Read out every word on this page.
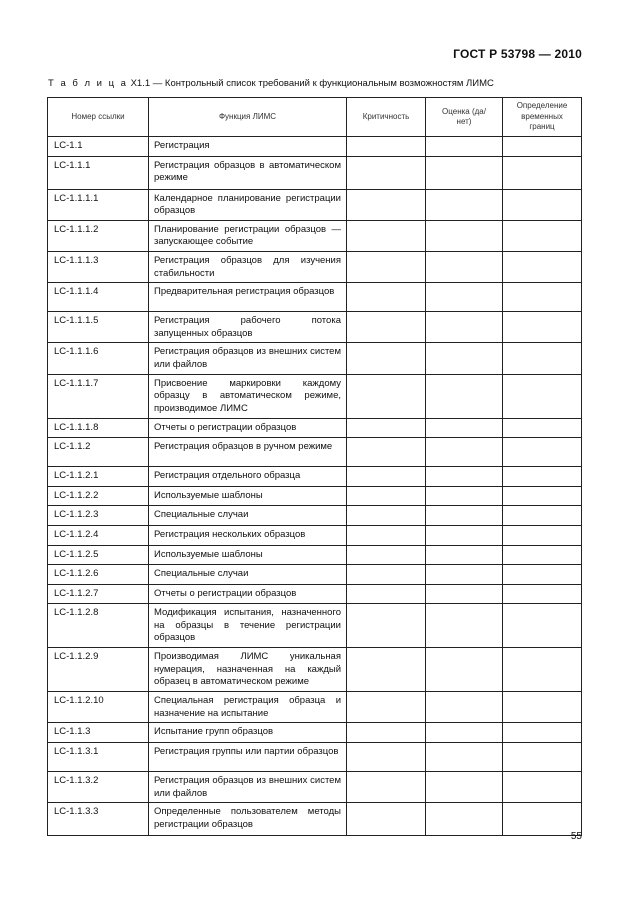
ГОСТ Р 53798 — 2010
Т а б л и ц а Х1.1 — Контрольный список требований к функциональным возможностям ЛИМС
Номер ссылки	Функция ЛИМС	Критичность	Оценка (да/нет)	Определение временных границ
LC-1.1	Регистрация			
LC-1.1.1	Регистрация образцов в автоматическом режиме			
LC-1.1.1.1	Календарное планирование регистрации образцов			
LC-1.1.1.2	Планирование регистрации образцов — запускающее событие			
LC-1.1.1.3	Регистрация образцов для изучения стабильности			
LC-1.1.1.4	Предварительная регистрация образцов			
LC-1.1.1.5	Регистрация рабочего потока запущенных образцов			
LC-1.1.1.6	Регистрация образцов из внешних систем или файлов			
LC-1.1.1.7	Присвоение маркировки каждому образцу в автоматическом режиме, производимое ЛИМС			
LC-1.1.1.8	Отчеты о регистрации образцов			
LC-1.1.2	Регистрация образцов в ручном режиме			
LC-1.1.2.1	Регистрация отдельного образца			
LC-1.1.2.2	Используемые шаблоны			
LC-1.1.2.3	Специальные случаи			
LC-1.1.2.4	Регистрация нескольких образцов			
LC-1.1.2.5	Используемые шаблоны			
LC-1.1.2.6	Специальные случаи			
LC-1.1.2.7	Отчеты о регистрации образцов			
LC-1.1.2.8	Модификация испытания, назначенного на образцы в течение регистрации образцов			
LC-1.1.2.9	Производимая ЛИМС уникальная нумерация, назначенная на каждый образец в автоматическом режиме			
LC-1.1.2.10	Специальная регистрация образца и назначение на испытание			
LC-1.1.3	Испытание групп образцов			
LC-1.1.3.1	Регистрация группы или партии образцов			
LC-1.1.3.2	Регистрация образцов из внешних систем или файлов			
LC-1.1.3.3	Определенные пользователем методы регистрации образцов			
55
